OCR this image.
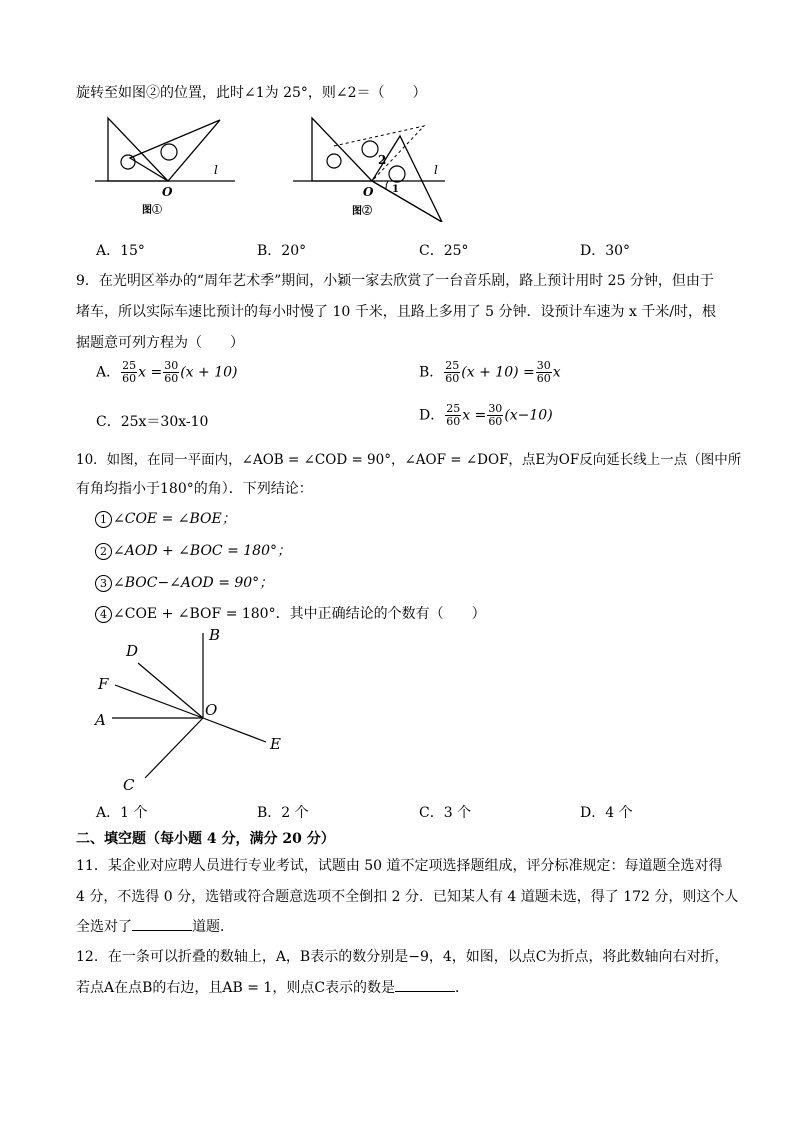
旋转至如图②的位置，此时∠1为 25°，则∠2＝（　　）
O
l
图①
O
l
1
2
图②
A．15°	B．20°	C．25°	D．30°
9．在光明区举办的“周年艺术季”期间，小颖一家去欣赏了一台音乐剧，路上预计用时 25 分钟，但由于
堵车，所以实际车速比预计的每小时慢了 10 千米，且路上多用了 5 分钟．设预计车速为 x 千米/时，根
据题意可列方程为（　　）
A． $\frac{25}{60}$ $x = \frac{30}{60} (x + 10)$	B． $\frac{25}{60} (x + 10) = \frac{30}{60}$ x
C．25x＝30x-10	D． $\frac{25}{60}$ $x = \frac{30}{60} (x-10)$
10．如图，在同一平面内，∠AOB = ∠COD = 90°，∠AOF = ∠DOF，点E为OF反向延长线上一点（图中所
有角均指小于180°的角）．下列结论：
1 ∠COE = ∠BOE；
2 ∠AOD + ∠BOC = 180°；
3 ∠BOC−∠AOD = 90°；
4 ∠COE + ∠BOF = 180°．其中正确结论的个数有（　　）
B
D
F
A
O
E
C
A．1 个	B．2 个	C．3 个	D．4 个
二、填空题（每小题 4 分，满分 20 分）
11．某企业对应聘人员进行专业考试，试题由 50 道不定项选择题组成，评分标准规定：每道题全选对得
4 分，不选得 0 分，选错或符合题意选项不全倒扣 2 分．已知某人有 4 道题未选，得了 172 分，则这个人
全选对了	道题．
12．在一条可以折叠的数轴上，A，B表示的数分别是−9，4，如图，以点C为折点，将此数轴向右对折，
若点A在点B的右边，且AB = 1，则点C表示的数是	．
